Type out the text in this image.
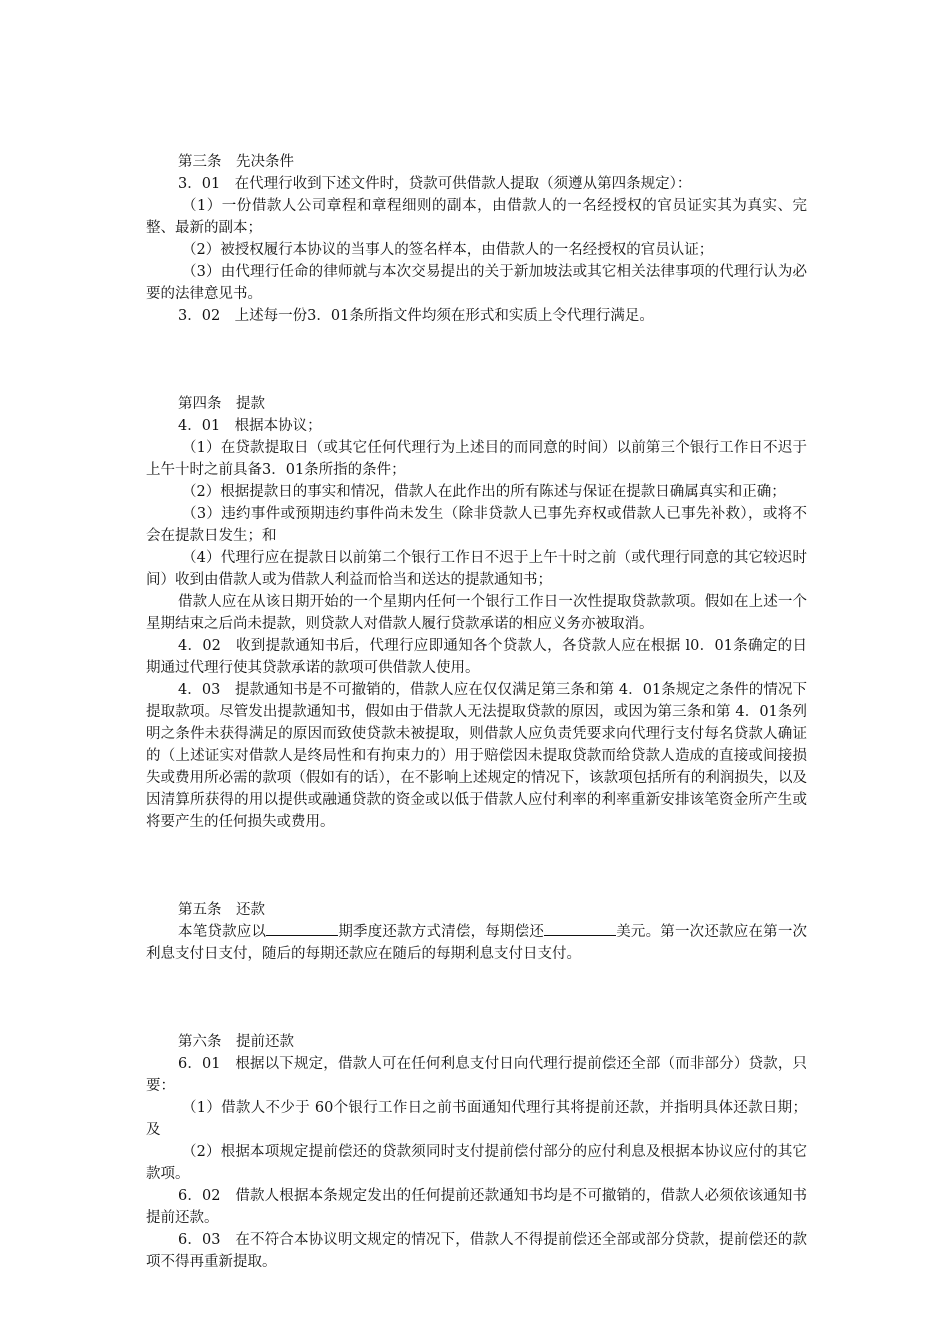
第三条　先决条件

3．01　在代理行收到下述文件时，贷款可供借款人提取（须遵从第四条规定）：

（1）一份借款人公司章程和章程细则的副本，由借款人的一名经授权的官员证实其为真实、完整、最新的副本；

（2）被授权履行本协议的当事人的签名样本，由借款人的一名经授权的官员认证；

（3）由代理行任命的律师就与本次交易提出的关于新加坡法或其它相关法律事项的代理行认为必要的法律意见书。

3．02　上述每一份3．01条所指文件均须在形式和实质上令代理行满足。

第四条　提款

4．01　根据本协议；

（1）在贷款提取日（或其它任何代理行为上述目的而同意的时间）以前第三个银行工作日不迟于上午十时之前具备3．01条所指的条件；

（2）根据提款日的事实和情况，借款人在此作出的所有陈述与保证在提款日确属真实和正确；

（3）违约事件或预期违约事件尚未发生（除非贷款人已事先弃权或借款人已事先补救），或将不会在提款日发生；和

（4）代理行应在提款日以前第二个银行工作日不迟于上午十时之前（或代理行同意的其它较迟时间）收到由借款人或为借款人利益而恰当和送达的提款通知书；

借款人应在从该日期开始的一个星期内任何一个银行工作日一次性提取贷款款项。假如在上述一个星期结束之后尚未提款，则贷款人对借款人履行贷款承诺的相应义务亦被取消。

4．02　收到提款通知书后，代理行应即通知各个贷款人，各贷款人应在根据 l0．01条确定的日期通过代理行使其贷款承诺的款项可供借款人使用。

4．03　提款通知书是不可撤销的，借款人应在仅仅满足第三条和第 4．01条规定之条件的情况下提取款项。尽管发出提款通知书，假如由于借款人无法提取贷款的原因，或因为第三条和第 4．01条列明之条件未获得满足的原因而致使贷款未被提取，则借款人应负责凭要求向代理行支付每名贷款人确证的（上述证实对借款人是终局性和有拘束力的）用于赔偿因未提取贷款而给贷款人造成的直接或间接损失或费用所必需的款项（假如有的话），在不影响上述规定的情况下，该款项包括所有的利润损失，以及因清算所获得的用以提供或融通贷款的资金或以低于借款人应付利率的利率重新安排该笔资金所产生或将要产生的任何损失或费用。

第五条　还款

本笔贷款应以	期季度还款方式清偿，每期偿还	美元。第一次还款应在第一次利息支付日支付，随后的每期还款应在随后的每期利息支付日支付。

第六条　提前还款

6．01　根据以下规定，借款人可在任何利息支付日向代理行提前偿还全部（而非部分）贷款，只要：

（1）借款人不少于 60个银行工作日之前书面通知代理行其将提前还款，并指明具体还款日期；及

（2）根据本项规定提前偿还的贷款须同时支付提前偿付部分的应付利息及根据本协议应付的其它款项。

6．02　借款人根据本条规定发出的任何提前还款通知书均是不可撤销的，借款人必须依该通知书提前还款。

6．03　在不符合本协议明文规定的情况下，借款人不得提前偿还全部或部分贷款，提前偿还的款项不得再重新提取。
